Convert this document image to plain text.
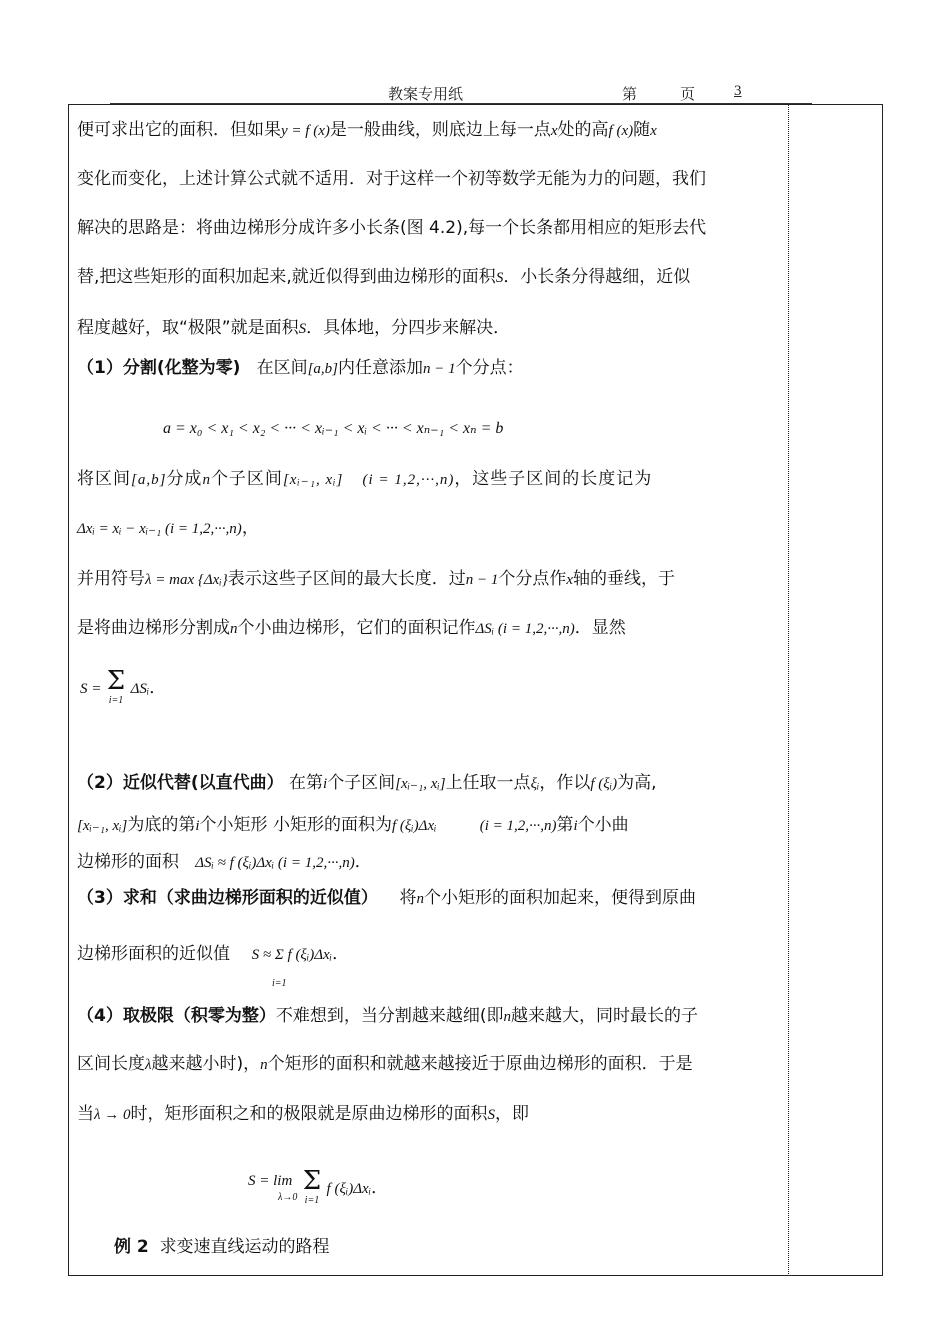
教案专用纸	第	页	3
便可求出它的面积．但如果y = f (x)是一般曲线，则底边上每一点x处的高f (x)随x
变化而变化，上述计算公式就不适用．对于这样一个初等数学无能为力的问题，我们
解决的思路是：将曲边梯形分成许多小长条(图 4.2),每一个长条都用相应的矩形去代
替,把这些矩形的面积加起来,就近似得到曲边梯形的面积S．小长条分得越细，近似
程度越好，取“极限”就是面积S．具体地，分四步来解决．
（1）分割(化整为零) 在区间[a,b]内任意添加n − 1个分点：
a = x₀ < x₁ < x₂ < ··· < xᵢ₋₁ < xᵢ < ··· < xₙ₋₁ < xₙ = b
将区间[a,b]分成n个子区间[xᵢ₋₁, xᵢ] (i = 1,2,···,n)，这些子区间的长度记为
Δxᵢ = xᵢ − xᵢ₋₁ (i = 1,2,···,n)，
并用符号λ = max {Δxᵢ}表示这些子区间的最大长度．过n − 1个分点作x轴的垂线，于
是将曲边梯形分割成n个小曲边梯形，它们的面积记作ΔSᵢ (i = 1,2,···,n)．显然
S = Σ
i=1
ΔSᵢ．
（2）近似代替(以直代曲） 在第i个子区间[xᵢ₋₁, xᵢ]上任取一点ξᵢ，作以f (ξᵢ)为高,
[xᵢ₋₁, xᵢ]为底的第i个小矩形 小矩形的面积为f (ξᵢ)Δxᵢ	(i = 1,2,···,n)第i个小曲
边梯形的面积 ΔSᵢ ≈ f (ξᵢ)Δxᵢ (i = 1,2,···,n)．
（3）求和（求曲边梯形面积的近似值） 将n个小矩形的面积加起来，便得到原曲
边梯形面积的近似值 S ≈ Σ f (ξᵢ)Δxᵢ．
i=1
（4）取极限（积零为整）不难想到，当分割越来越细(即n越来越大，同时最长的子
区间长度λ越来越小时)，n个矩形的面积和就越来越接近于原曲边梯形的面积．于是
当λ → 0时，矩形面积之和的极限就是原曲边梯形的面积S，即
S = lim
λ→0

Σ
i=1
f (ξᵢ)Δxᵢ．
例 2 求变速直线运动的路程
